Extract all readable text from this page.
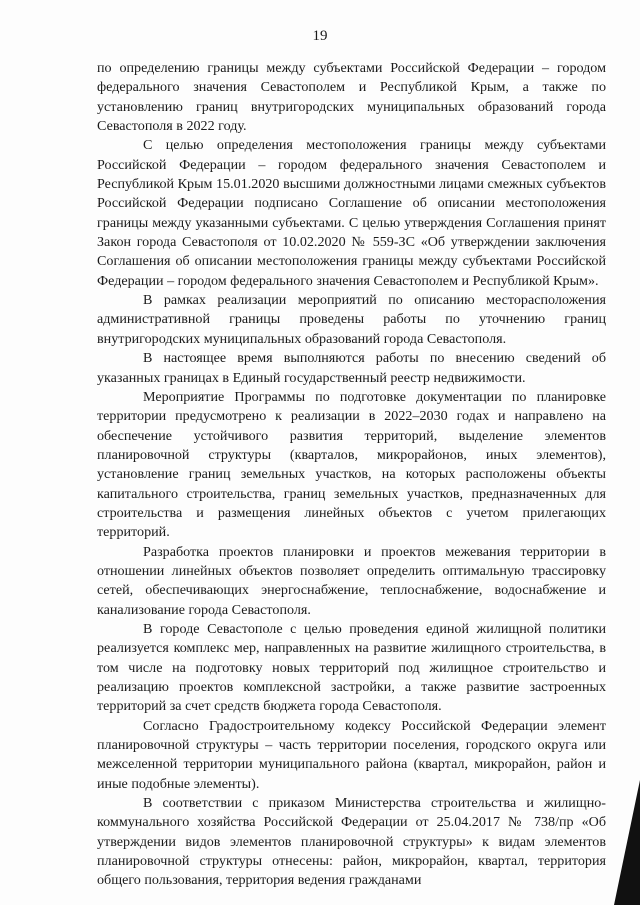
19

по определению границы между субъектами Российской Федерации – городом федерального значения Севастополем и Республикой Крым, а также по установлению границ внутригородских муниципальных образований города Севастополя в 2022 году.

С целью определения местоположения границы между субъектами Российской Федерации – городом федерального значения Севастополем и Республикой Крым 15.01.2020 высшими должностными лицами смежных субъектов Российской Федерации подписано Соглашение об описании местоположения границы между указанными субъектами. С целью утверждения Соглашения принят Закон города Севастополя от 10.02.2020 № 559-ЗС «Об утверждении заключения Соглашения об описании местоположения границы между субъектами Российской Федерации – городом федерального значения Севастополем и Республикой Крым».

В рамках реализации мероприятий по описанию месторасположения административной границы проведены работы по уточнению границ внутригородских муниципальных образований города Севастополя.

В настоящее время выполняются работы по внесению сведений об указанных границах в Единый государственный реестр недвижимости.

Мероприятие Программы по подготовке документации по планировке территории предусмотрено к реализации в 2022–2030 годах и направлено на обеспечение устойчивого развития территорий, выделение элементов планировочной структуры (кварталов, микрорайонов, иных элементов), установление границ земельных участков, на которых расположены объекты капитального строительства, границ земельных участков, предназначенных для строительства и размещения линейных объектов с учетом прилегающих территорий.

Разработка проектов планировки и проектов межевания территории в отношении линейных объектов позволяет определить оптимальную трассировку сетей, обеспечивающих энергоснабжение, теплоснабжение, водоснабжение и канализование города Севастополя.

В городе Севастополе с целью проведения единой жилищной политики реализуется комплекс мер, направленных на развитие жилищного строительства, в том числе на подготовку новых территорий под жилищное строительство и реализацию проектов комплексной застройки, а также развитие застроенных территорий за счет средств бюджета города Севастополя.

Согласно Градостроительному кодексу Российской Федерации элемент планировочной структуры – часть территории поселения, городского округа или межселенной территории муниципального района (квартал, микрорайон, район и иные подобные элементы).

В соответствии с приказом Министерства строительства и жилищно-коммунального хозяйства Российской Федерации от 25.04.2017 № 738/пр «Об утверждении видов элементов планировочной структуры» к видам элементов планировочной структуры отнесены: район, микрорайон, квартал, территория общего пользования, территория ведения гражданами
